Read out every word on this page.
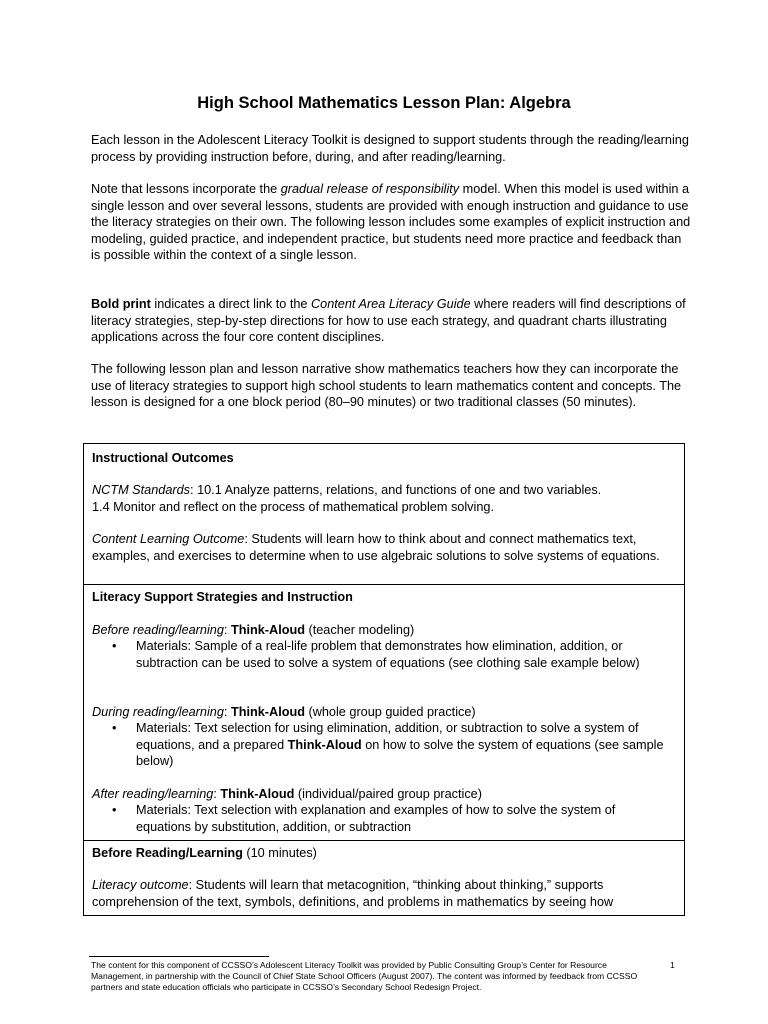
High School Mathematics Lesson Plan: Algebra
Each lesson in the Adolescent Literacy Toolkit is designed to support students through the reading/learning process by providing instruction before, during, and after reading/learning.
Note that lessons incorporate the gradual release of responsibility model. When this model is used within a single lesson and over several lessons, students are provided with enough instruction and guidance to use the literacy strategies on their own. The following lesson includes some examples of explicit instruction and modeling, guided practice, and independent practice, but students need more practice and feedback than is possible within the context of a single lesson.
Bold print indicates a direct link to the Content Area Literacy Guide where readers will find descriptions of literacy strategies, step-by-step directions for how to use each strategy, and quadrant charts illustrating applications across the four core content disciplines.
The following lesson plan and lesson narrative show mathematics teachers how they can incorporate the use of literacy strategies to support high school students to learn mathematics content and concepts. The lesson is designed for a one block period (80–90 minutes) or two traditional classes (50 minutes).
Instructional Outcomes
NCTM Standards: 10.1 Analyze patterns, relations, and functions of one and two variables.
1.4 Monitor and reflect on the process of mathematical problem solving.
Content Learning Outcome: Students will learn how to think about and connect mathematics text, examples, and exercises to determine when to use algebraic solutions to solve systems of equations.
Literacy Support Strategies and Instruction
Before reading/learning: Think-Aloud (teacher modeling)
• Materials: Sample of a real-life problem that demonstrates how elimination, addition, or subtraction can be used to solve a system of equations (see clothing sale example below)
During reading/learning: Think-Aloud (whole group guided practice)
• Materials: Text selection for using elimination, addition, or subtraction to solve a system of equations, and a prepared Think-Aloud on how to solve the system of equations (see sample below)
After reading/learning: Think-Aloud (individual/paired group practice)
• Materials: Text selection with explanation and examples of how to solve the system of equations by substitution, addition, or subtraction
Before Reading/Learning (10 minutes)
Literacy outcome: Students will learn that metacognition, “thinking about thinking,” supports comprehension of the text, symbols, definitions, and problems in mathematics by seeing how
The content for this component of CCSSO’s Adolescent Literacy Toolkit was provided by Public Consulting Group’s Center for Resource Management, in partnership with the Council of Chief State School Officers (August 2007). The content was informed by feedback from CCSSO partners and state education officials who participate in CCSSO’s Secondary School Redesign Project.
1
